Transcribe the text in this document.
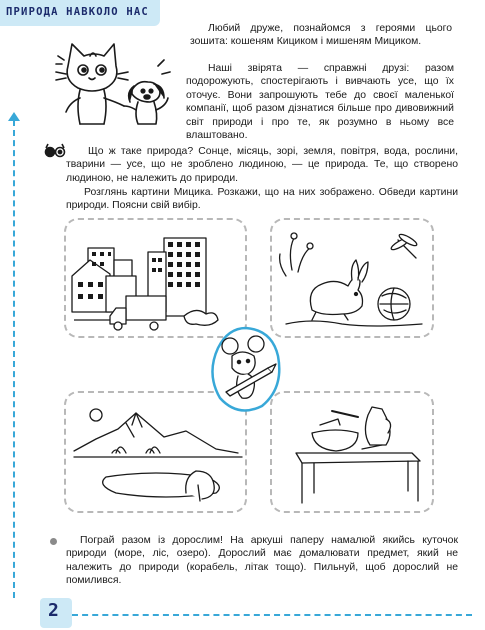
ПРИРОДА НАВКОЛО НАС

Любий друже, познайомся з героями цього зошита: кошеням Кициком і мишеням Мициком.

Наші звірята — справжні друзі: разом подорожують, спостерігають і вивчають усе, що їх оточує. Вони запрошують тебе до своєї маленької компанії, щоб разом дізнатися більше про дивовижний світ природи і про те, як розумно в ньому все влаштовано.

Що ж таке природа? Сонце, місяць, зорі, земля, повітря, вода, рослини, тварини — усе, що не зроблено людиною, — це природа. Те, що створено людиною, не належить до природи.

Розглянь картини Мицика. Розкажи, що на них зображено. Обведи картини природи. Поясни свій вибір.

Пограй разом із дорослим! На аркуші паперу намалюй якийсь куточок природи (море, ліс, озеро). Дорослий має домалювати предмет, який не належить до природи (корабель, літак тощо). Пильнуй, щоб дорослий не помилився.

2
